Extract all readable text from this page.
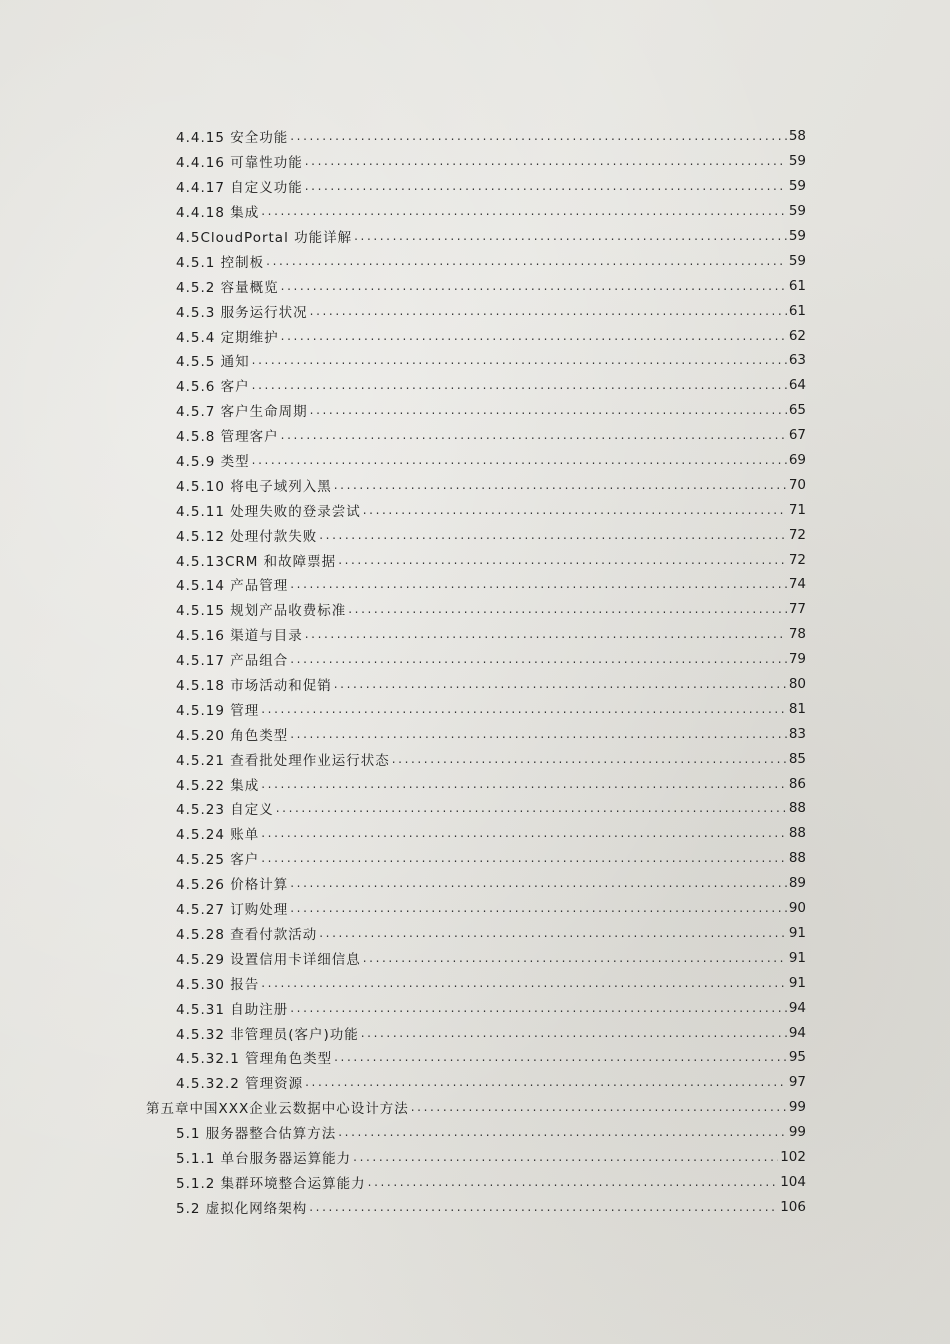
4.4.15 安全功能 .....	58
4.4.16 可靠性功能 .....	59
4.4.17 自定义功能 .....	59
4.4.18 集成 .....	59
4.5CloudPortal 功能详解 .....	59
4.5.1 控制板 .....	59
4.5.2 容量概览 .....	61
4.5.3 服务运行状况 .....	61
4.5.4 定期维护 .....	62
4.5.5 通知 .....	63
4.5.6 客户 .....	64
4.5.7 客户生命周期 .....	65
4.5.8 管理客户 .....	67
4.5.9 类型 .....	69
4.5.10 将电子域列入黑 .....	70
4.5.11 处理失败的登录尝试 .....	71
4.5.12 处理付款失败 .....	72
4.5.13CRM 和故障票据 .....	72
4.5.14 产品管理 .....	74
4.5.15 规划产品收费标准 .....	77
4.5.16 渠道与目录 .....	78
4.5.17 产品组合 .....	79
4.5.18 市场活动和促销 .....	80
4.5.19 管理 .....	81
4.5.20 角色类型 .....	83
4.5.21 查看批处理作业运行状态 .....	85
4.5.22 集成 .....	86
4.5.23 自定义 .....	88
4.5.24 账单 .....	88
4.5.25 客户 .....	88
4.5.26 价格计算 .....	89
4.5.27 订购处理 .....	90
4.5.28 查看付款活动 .....	91
4.5.29 设置信用卡详细信息 .....	91
4.5.30 报告 .....	91
4.5.31 自助注册 .....	94
4.5.32 非管理员(客户)功能 .....	94
4.5.32.1 管理角色类型 .....	95
4.5.32.2 管理资源 .....	97
第五章中国XXX企业云数据中心设计方法 .....	99
5.1 服务器整合估算方法 .....	99
5.1.1 单台服务器运算能力 .....	102
5.1.2 集群环境整合运算能力 .....	104
5.2 虚拟化网络架构 .....	106
